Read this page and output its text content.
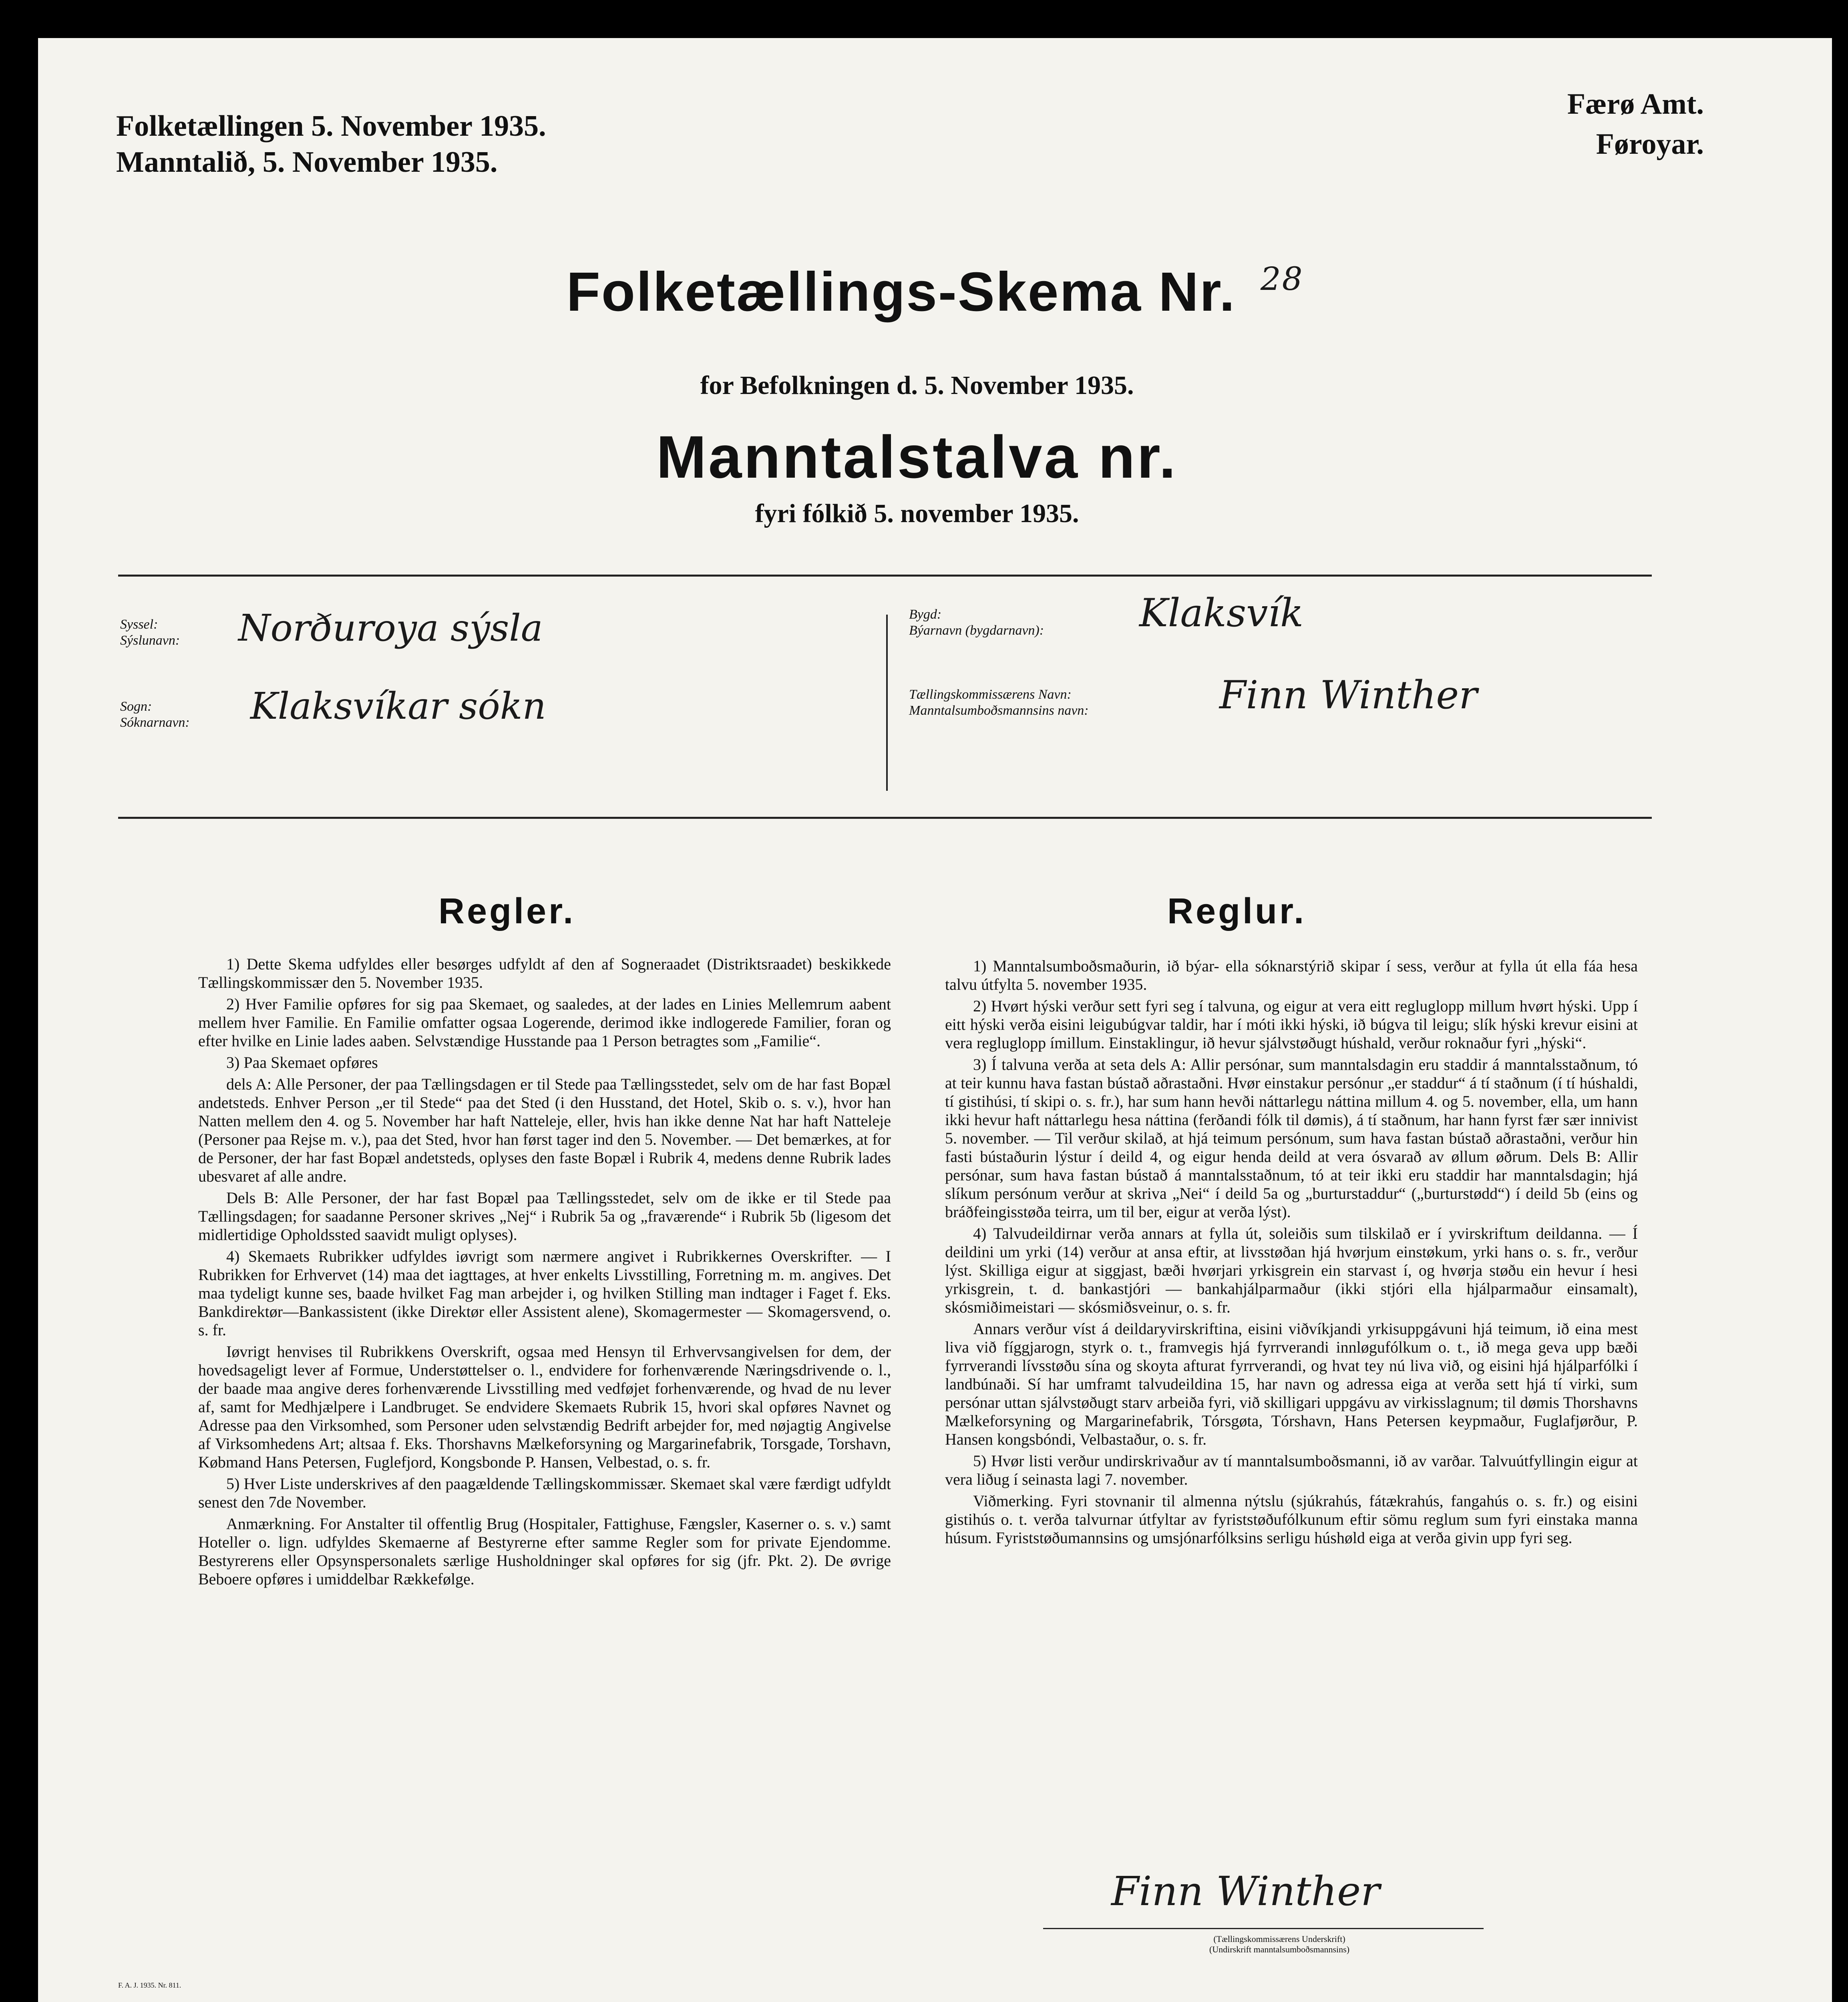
Folketællingen 5. November 1935.
Manntalið, 5. November 1935.
Færø Amt.
Føroyar.
Folketællings-Skema Nr. $^{28}$
for Befolkningen d. 5. November 1935.
Manntalstalva nr.
fyri fólkið 5. november 1935.
Syssel:
Sýslunavn: Norðuroya sýsla
Sogn:
Sóknarnavn: Klaksvíkar sókn
Bygd:
Býarnavn (bygdarnavn): Klaksvík
Tællingskommissærens Navn:
Manntalsumboðsmannsins navn:	Finn Winther
Regler.

1) Dette Skema udfyldes eller besørges udfyldt af den af Sogneraadet (Distriktsraadet) beskikkede Tællingskommissær den 5. November 1935.

2) Hver Familie opføres for sig paa Skemaet, og saaledes, at der lades en Linies Mellemrum aabent mellem hver Familie. En Familie omfatter ogsaa Logerende, derimod ikke indlogerede Familier, foran og efter hvilke en Linie lades aaben. Selvstændige Husstande paa 1 Person betragtes som „Familie“.

3) Paa Skemaet opføres

dels A: Alle Personer, der paa Tællingsdagen er til Stede paa Tællingsstedet, selv om de har fast Bopæl andetsteds. Enhver Person „er til Stede“ paa det Sted (i den Husstand, det Hotel, Skib o. s. v.), hvor han Natten mellem den 4. og 5. November har haft Natteleje, eller, hvis han ikke denne Nat har haft Natteleje (Personer paa Rejse m. v.), paa det Sted, hvor han først tager ind den 5. November. — Det bemærkes, at for de Personer, der har fast Bopæl andetsteds, oplyses den faste Bopæl i Rubrik 4, medens denne Rubrik lades ubesvaret af alle andre.

Dels B: Alle Personer, der har fast Bopæl paa Tællingsstedet, selv om de ikke er til Stede paa Tællingsdagen; for saadanne Personer skrives „Nej“ i Rubrik 5a og „fraværende“ i Rubrik 5b (ligesom det midlertidige Opholdssted saavidt muligt oplyses).

4) Skemaets Rubrikker udfyldes iøvrigt som nærmere angivet i Rubrikkernes Overskrifter. — I Rubrikken for Erhvervet (14) maa det iagttages, at hver enkelts Livsstilling, Forretning m. m. angives. Det maa tydeligt kunne ses, baade hvilket Fag man arbejder i, og hvilken Stilling man indtager i Faget f. Eks. Bankdirektør—Bankassistent (ikke Direktør eller Assistent alene), Skomagermester — Skomagersvend, o. s. fr.

Iøvrigt henvises til Rubrikkens Overskrift, ogsaa med Hensyn til Erhvervsangivelsen for dem, der hovedsageligt lever af Formue, Understøttelser o. l., endvidere for forhenværende Næringsdrivende o. l., der baade maa angive deres forhenværende Livsstilling med vedføjet forhenværende, og hvad de nu lever af, samt for Medhjælpere i Landbruget. Se endvidere Skemaets Rubrik 15, hvori skal opføres Navnet og Adresse paa den Virksomhed, som Personer uden selvstændig Bedrift arbejder for, med nøjagtig Angivelse af Virksomhedens Art; altsaa f. Eks. Thorshavns Mælkeforsyning og Margarinefabrik, Torsgade, Torshavn, Købmand Hans Petersen, Fuglefjord, Kongsbonde P. Hansen, Velbestad, o. s. fr.

5) Hver Liste underskrives af den paagældende Tællingskommissær. Skemaet skal være færdigt udfyldt senest den 7de November.

Anmærkning. For Anstalter til offentlig Brug (Hospitaler, Fattighuse, Fængsler, Kaserner o. s. v.) samt Hoteller o. lign. udfyldes Skemaerne af Bestyrerne efter samme Regler som for private Ejendomme. Bestyrerens eller Opsynspersonalets særlige Husholdninger skal opføres for sig (jfr. Pkt. 2). De øvrige Beboere opføres i umiddelbar Rækkefølge.

Reglur.

1) Manntalsumboðsmaðurin, ið býar- ella sóknarstýrið skipar í sess, verður at fylla út ella fáa hesa talvu útfylta 5. november 1935.

2) Hvørt hýski verður sett fyri seg í talvuna, og eigur at vera eitt regluglopp millum hvørt hýski. Upp í eitt hýski verða eisini leigubúgvar taldir, har í móti ikki hýski, ið búgva til leigu; slík hýski krevur eisini at vera regluglopp ímillum. Einstaklingur, ið hevur sjálvstøðugt húshald, verður roknaður fyri „hýski“.

3) Í talvuna verða at seta dels A: Allir persónar, sum manntalsdagin eru staddir á manntalsstaðnum, tó at teir kunnu hava fastan bústað aðrastaðni. Hvør einstakur persónur „er staddur“ á tí staðnum (í tí húshaldi, tí gistihúsi, tí skipi o. s. fr.), har sum hann hevði náttarlegu náttina millum 4. og 5. november, ella, um hann ikki hevur haft náttarlegu hesa náttina (ferðandi fólk til dømis), á tí staðnum, har hann fyrst fær sær innivist 5. november. — Til verður skilað, at hjá teimum persónum, sum hava fastan bústað aðrastaðni, verður hin fasti bústaðurin lýstur í deild 4, og eigur henda deild at vera ósvarað av øllum øðrum. Dels B: Allir persónar, sum hava fastan bústað á manntalsstaðnum, tó at teir ikki eru staddir har manntalsdagin; hjá slíkum persónum verður at skriva „Nei“ í deild 5a og „burturstaddur“ („burturstødd“) í deild 5b (eins og bráðfeingisstøða teirra, um til ber, eigur at verða lýst).

4) Talvudeildirnar verða annars at fylla út, soleiðis sum tilskilað er í yvirskriftum deildanna. — Í deildini um yrki (14) verður at ansa eftir, at livsstøðan hjá hvørjum einstøkum, yrki hans o. s. fr., verður lýst. Skilliga eigur at siggjast, bæði hvørjari yrkisgrein ein starvast í, og hvørja støðu ein hevur í hesi yrkisgrein, t. d. bankastjóri — bankahjálparmaður (ikki stjóri ella hjálparmaður einsamalt), skósmiðimeistari — skósmiðsveinur, o. s. fr.

Annars verður víst á deildaryvirskriftina, eisini viðvíkjandi yrkisuppgávuni hjá teimum, ið eina mest liva við fíggjarogn, styrk o. t., framvegis hjá fyrrverandi innløgufólkum o. t., ið mega geva upp bæði fyrrverandi lívsstøðu sína og skoyta afturat fyrrverandi, og hvat tey nú liva við, og eisini hjá hjálparfólki í landbúnaði. Sí har umframt talvudeildina 15, har navn og adressa eiga at verða sett hjá tí virki, sum persónar uttan sjálvstøðugt starv arbeiða fyri, við skilligari uppgávu av virkisslagnum; til dømis Thorshavns Mælkeforsyning og Margarinefabrik, Tórsgøta, Tórshavn, Hans Petersen keypmaður, Fuglafjørður, P. Hansen kongsbóndi, Velbastaður, o. s. fr.

5) Hvør listi verður undirskrivaður av tí manntalsumboðsmanni, ið av varðar. Talvuútfyllingin eigur at vera liðug í seinasta lagi 7. november.

Viðmerking. Fyri stovnanir til almenna nýtslu (sjúkrahús, fátækrahús, fangahús o. s. fr.) og eisini gistihús o. t. verða talvurnar útfyltar av fyriststøðufólkunum eftir sömu reglum sum fyri einstaka manna húsum. Fyriststøðumannsins og umsjónarfólksins serligu húshøld eiga at verða givin upp fyri seg.

Finn Winther
(Tællingskommissærens Underskrift)
(Undirskrift manntalsumboðsmannsins)
F. A. J. 1935. Nr. 811.
